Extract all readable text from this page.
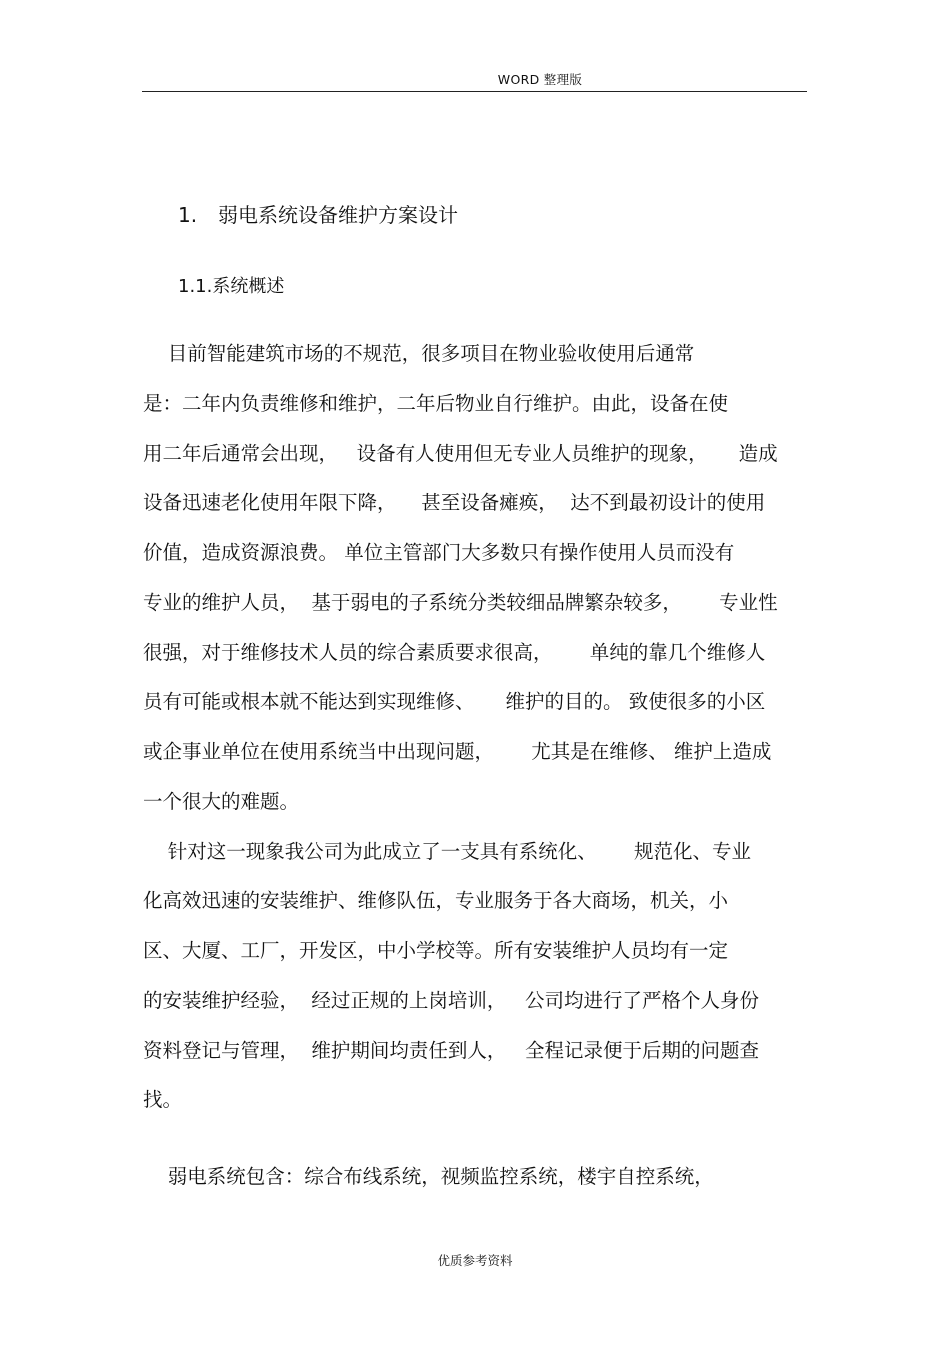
WORD 整理版
1. 弱电系统设备维护方案设计
1.1.系统概述
目前智能建筑市场的不规范，很多项目在物业验收使用后通常
是：二年内负责维修和维护，二年后物业自行维护。由此，设备在使
用二年后通常会出现，   设备有人使用但无专业人员维护的现象，     造成
设备迅速老化使用年限下降，    甚至设备瘫痪，  达不到最初设计的使用
价值，造成资源浪费。 单位主管部门大多数只有操作使用人员而没有
专业的维护人员，  基于弱电的子系统分类较细品牌繁杂较多，      专业性
很强，对于维修技术人员的综合素质要求很高，      单纯的靠几个维修人
员有可能或根本就不能达到实现维修、     维护的目的。 致使很多的小区
或企事业单位在使用系统当中出现问题，      尤其是在维修、 维护上造成
一个很大的难题。
针对这一现象我公司为此成立了一支具有系统化、      规范化、专业
化高效迅速的安装维护、维修队伍，专业服务于各大商场，机关，小
区、大厦、工厂，开发区，中小学校等。所有安装维护人员均有一定
的安装维护经验，  经过正规的上岗培训，   公司均进行了严格个人身份
资料登记与管理，  维护期间均责任到人，   全程记录便于后期的问题查
找。
弱电系统包含：综合布线系统，视频监控系统，楼宇自控系统，
优质参考资料
